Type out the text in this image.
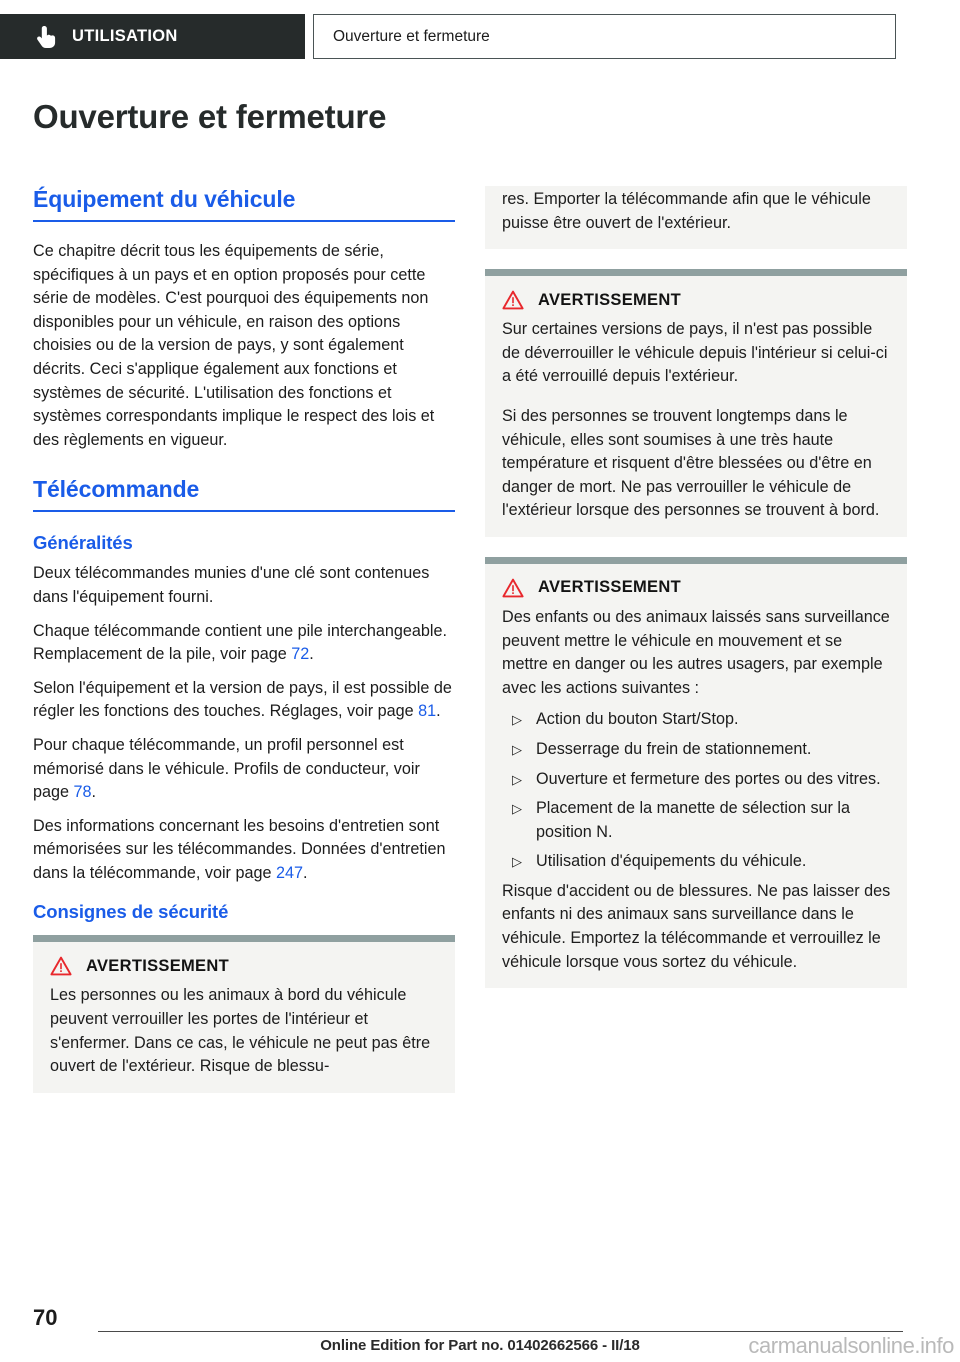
UTILISATION	Ouverture et fermeture
Ouverture et fermeture
Équipement du véhicule

Ce chapitre décrit tous les équipements de série, spécifiques à un pays et en option proposés pour cette série de modèles. C'est pourquoi des équipements non disponibles pour un véhicule, en raison des options choisies ou de la version de pays, y sont également décrits. Ceci s'applique également aux fonctions et systèmes de sécurité. L'utilisation des fonctions et systèmes correspondants implique le respect des lois et des règlements en vigueur.

Télécommande
Généralités

Deux télécommandes munies d'une clé sont contenues dans l'équipement fourni.

Chaque télécommande contient une pile interchangeable. Remplacement de la pile, voir page 72.

Selon l'équipement et la version de pays, il est possible de régler les fonctions des touches. Réglages, voir page 81.

Pour chaque télécommande, un profil personnel est mémorisé dans le véhicule. Profils de conducteur, voir page 78.

Des informations concernant les besoins d'entretien sont mémorisées sur les télécommandes. Données d'entretien dans la télécommande, voir page 247.

Consignes de sécurité
AVERTISSEMENT

Les personnes ou les animaux à bord du véhicule peuvent verrouiller les portes de l'intérieur et s'enfermer. Dans ce cas, le véhicule ne peut pas être ouvert de l'extérieur. Risque de blessu-

res. Emporter la télécommande afin que le véhicule puisse être ouvert de l'extérieur.

AVERTISSEMENT

Sur certaines versions de pays, il n'est pas possible de déverrouiller le véhicule depuis l'intérieur si celui-ci a été verrouillé depuis l'extérieur.

Si des personnes se trouvent longtemps dans le véhicule, elles sont soumises à une très haute température et risquent d'être blessées ou d'être en danger de mort. Ne pas verrouiller le véhicule de l'extérieur lorsque des personnes se trouvent à bord.

AVERTISSEMENT

Des enfants ou des animaux laissés sans surveillance peuvent mettre le véhicule en mouvement et se mettre en danger ou les autres usagers, par exemple avec les actions suivantes :

▷ Action du bouton Start/Stop.
▷ Desserrage du frein de stationnement.
▷ Ouverture et fermeture des portes ou des vitres.
▷ Placement de la manette de sélection sur la position N.
▷ Utilisation d'équipements du véhicule.

Risque d'accident ou de blessures. Ne pas laisser des enfants ni des animaux sans surveillance dans le véhicule. Emportez la télécommande et verrouillez le véhicule lorsque vous sortez du véhicule.

70
Online Edition for Part no. 01402662566 - II/18	carmanualsonline.info
